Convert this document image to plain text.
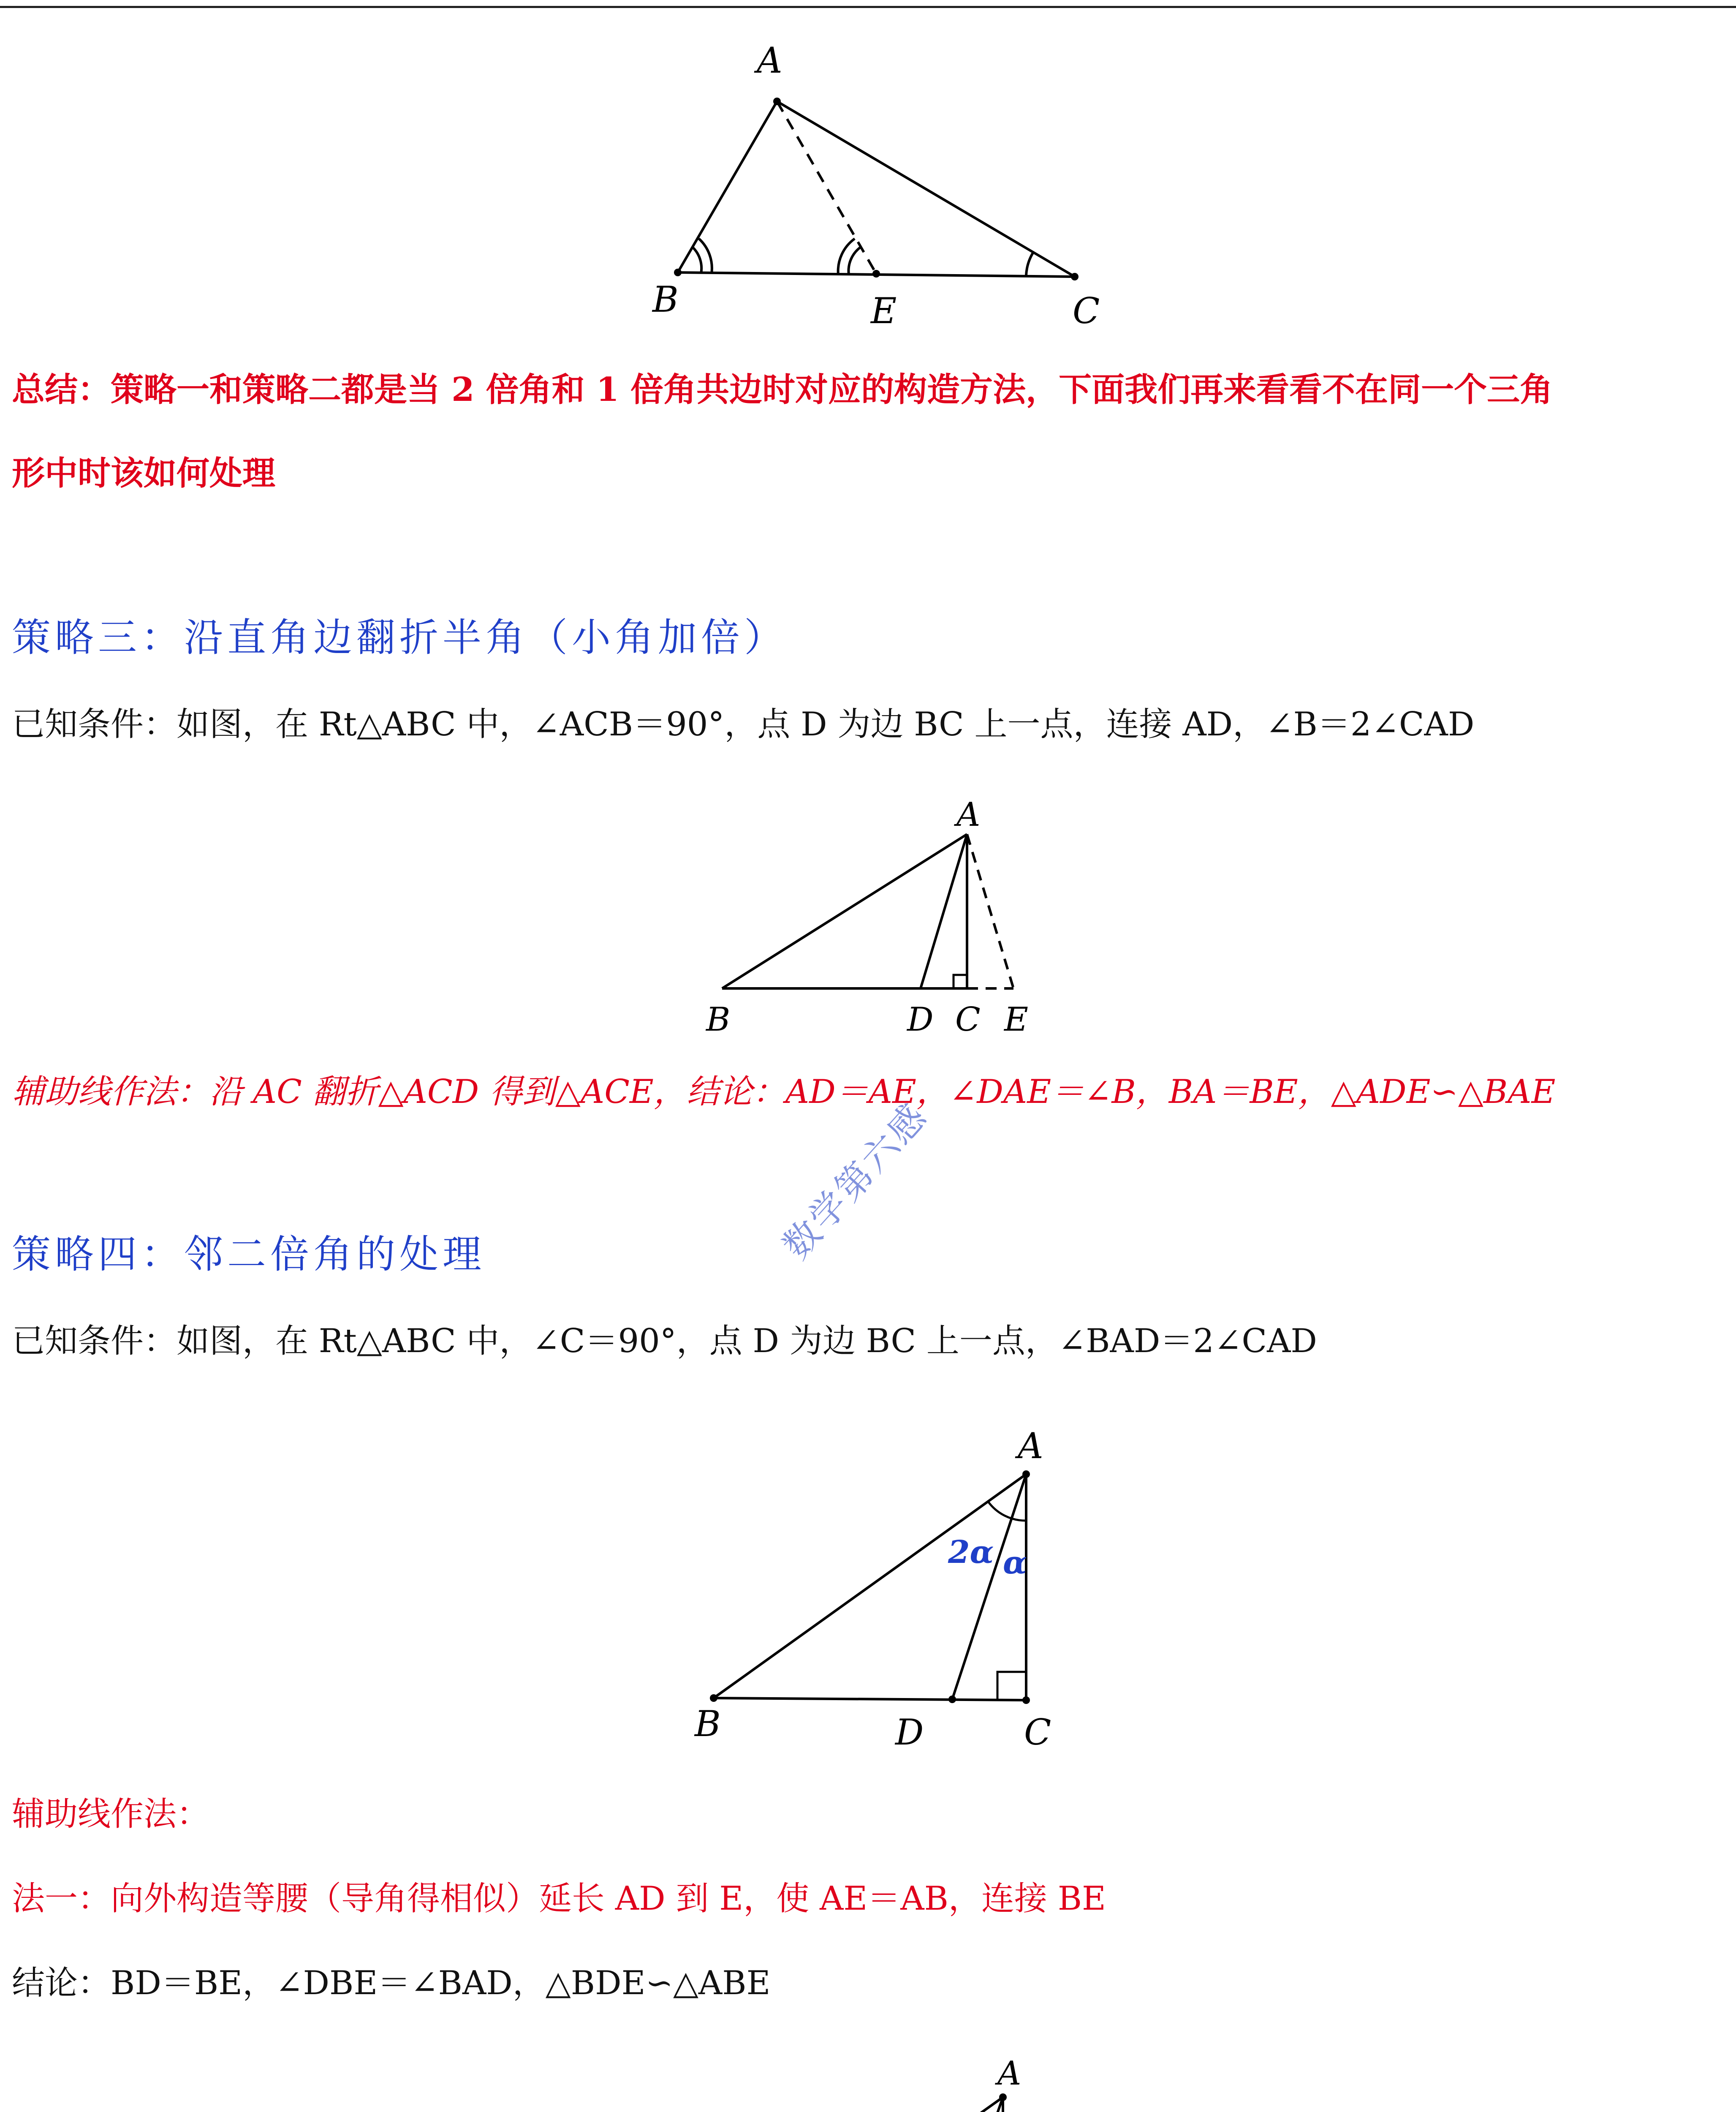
A
B	E	C
总结：策略一和策略二都是当 2 倍角和 1 倍角共边时对应的构造方法，下面我们再来看看不在同一个三角
形中时该如何处理
策略三：沿直角边翻折半角（小角加倍）
已知条件：如图，在 Rt△ABC 中，∠ACB＝90°，点 D 为边 BC 上一点，连接 AD，∠B＝2∠CAD
A
B	D C E
辅助线作法：沿 AC 翻折△ACD 得到△ACE，结论：AD＝AE，∠DAE＝∠B，BA＝BE，△ADE∽△BAE
策略四：邻二倍角的处理
已知条件：如图，在 Rt△ABC 中，∠C＝90°，点 D 为边 BC 上一点，∠BAD＝2∠CAD
数学第六感
A
B	D	C
2α α
辅助线作法：
法一：向外构造等腰（导角得相似）延长 AD 到 E，使 AE＝AB，连接 BE
结论：BD＝BE，∠DBE＝∠BAD，△BDE∽△ABE
A
